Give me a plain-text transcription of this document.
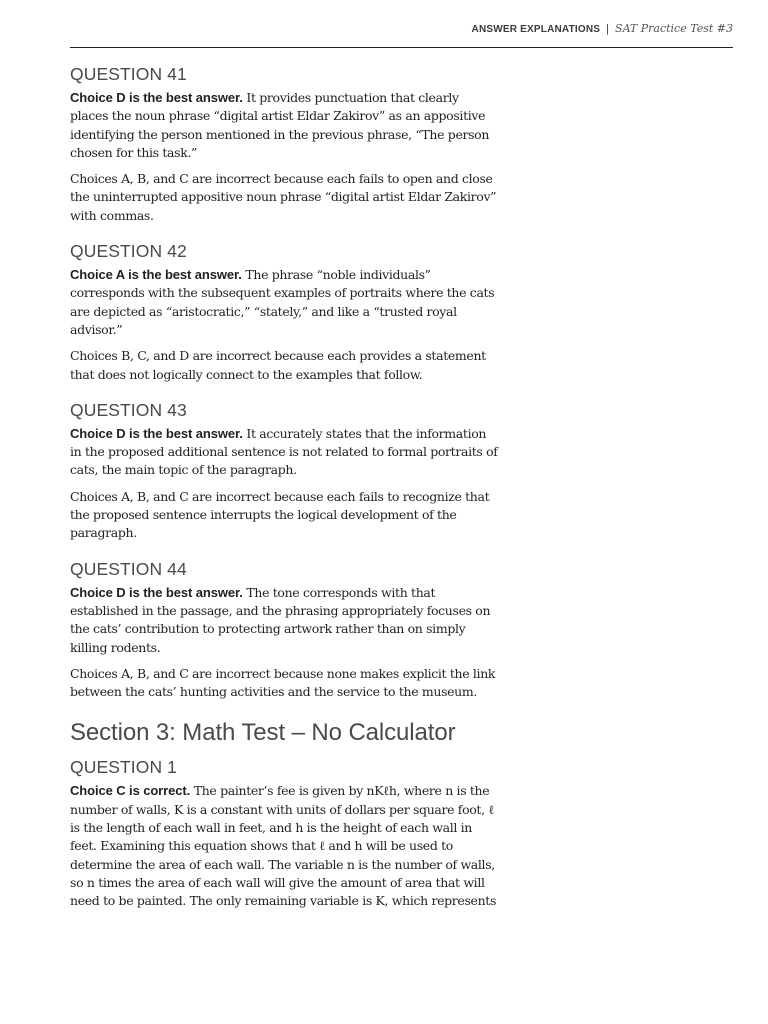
ANSWER EXPLANATIONS | SAT Practice Test #3
QUESTION 41

Choice D is the best answer. It provides punctuation that clearly places the noun phrase “digital artist Eldar Zakirov” as an appositive identifying the person mentioned in the previous phrase, “The person chosen for this task.”

Choices A, B, and C are incorrect because each fails to open and close the uninterrupted appositive noun phrase “digital artist Eldar Zakirov” with commas.

QUESTION 42

Choice A is the best answer. The phrase “noble individuals” corresponds with the subsequent examples of portraits where the cats are depicted as “aristocratic,” “stately,” and like a “trusted royal advisor.”

Choices B, C, and D are incorrect because each provides a statement that does not logically connect to the examples that follow.

QUESTION 43

Choice D is the best answer. It accurately states that the information in the proposed additional sentence is not related to formal portraits of cats, the main topic of the paragraph.

Choices A, B, and C are incorrect because each fails to recognize that the proposed sentence interrupts the logical development of the paragraph.

QUESTION 44

Choice D is the best answer. The tone corresponds with that established in the passage, and the phrasing appropriately focuses on the cats’ contribution to protecting artwork rather than on simply killing rodents.

Choices A, B, and C are incorrect because none makes explicit the link between the cats’ hunting activities and the service to the museum.

Section 3: Math Test – No Calculator
QUESTION 1

Choice C is correct. The painter’s fee is given by nKℓh, where n is the number of walls, K is a constant with units of dollars per square foot, ℓ is the length of each wall in feet, and h is the height of each wall in feet. Examining this equation shows that ℓ and h will be used to determine the area of each wall. The variable n is the number of walls, so n times the area of each wall will give the amount of area that will need to be painted. The only remaining variable is K, which represents
